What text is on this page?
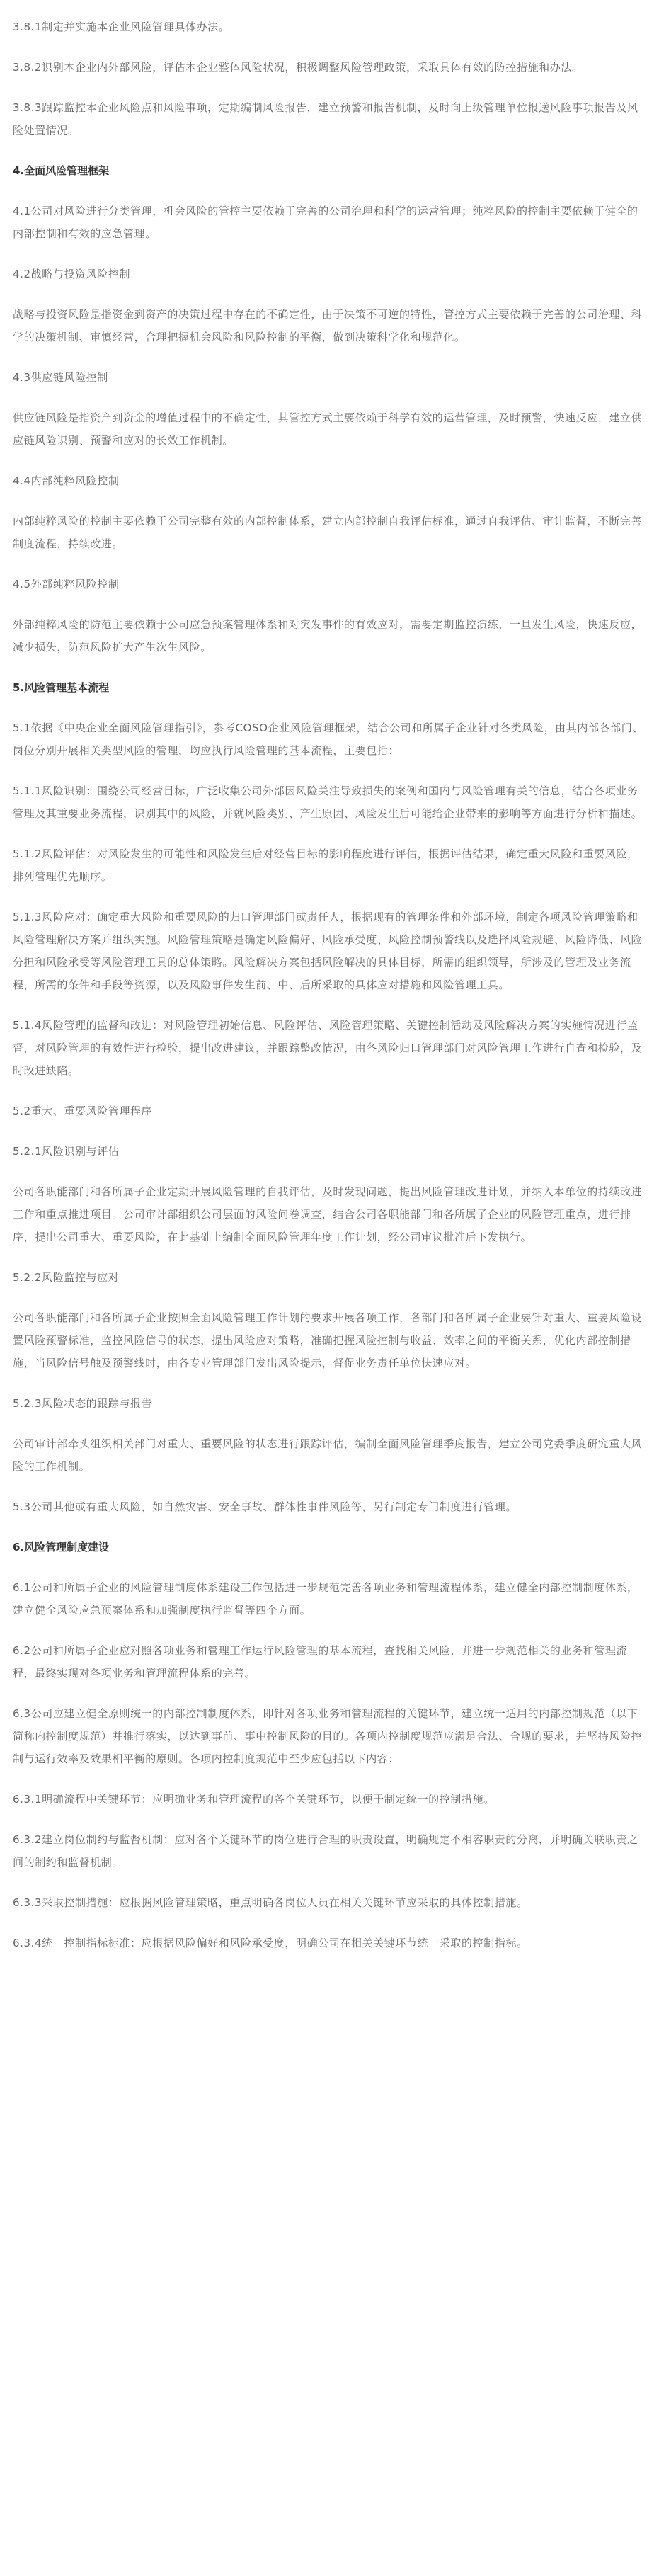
3.8.1制定并实施本企业风险管理具体办法。

3.8.2识别本企业内外部风险，评估本企业整体风险状况，积极调整风险管理政策，采取具体有效的防控措施和办法。

3.8.3跟踪监控本企业风险点和风险事项，定期编制风险报告，建立预警和报告机制，及时向上级管理单位报送风险事项报告及风险处置情况。

4.全面风险管理框架

4.1公司对风险进行分类管理，机会风险的管控主要依赖于完善的公司治理和科学的运营管理；纯粹风险的控制主要依赖于健全的内部控制和有效的应急管理。

4.2战略与投资风险控制

战略与投资风险是指资金到资产的决策过程中存在的不确定性，由于决策不可逆的特性，管控方式主要依赖于完善的公司治理、科学的决策机制、审慎经营，合理把握机会风险和风险控制的平衡，做到决策科学化和规范化。

4.3供应链风险控制

供应链风险是指资产到资金的增值过程中的不确定性，其管控方式主要依赖于科学有效的运营管理，及时预警，快速反应，建立供应链风险识别、预警和应对的长效工作机制。

4.4内部纯粹风险控制

内部纯粹风险的控制主要依赖于公司完整有效的内部控制体系，建立内部控制自我评估标准，通过自我评估、审计监督，不断完善制度流程，持续改进。

4.5外部纯粹风险控制

外部纯粹风险的防范主要依赖于公司应急预案管理体系和对突发事件的有效应对，需要定期监控演练，一旦发生风险，快速反应，减少损失，防范风险扩大产生次生风险。

5.风险管理基本流程

5.1依据《中央企业全面风险管理指引》，参考COSO企业风险管理框架，结合公司和所属子企业针对各类风险，由其内部各部门、岗位分别开展相关类型风险的管理，均应执行风险管理的基本流程，主要包括：

5.1.1风险识别：围绕公司经营目标，广泛收集公司外部因风险关注导致损失的案例和国内与风险管理有关的信息，结合各项业务管理及其重要业务流程，识别其中的风险，并就风险类别、产生原因、风险发生后可能给企业带来的影响等方面进行分析和描述。

5.1.2风险评估：对风险发生的可能性和风险发生后对经营目标的影响程度进行评估，根据评估结果，确定重大风险和重要风险，排列管理优先顺序。

5.1.3风险应对：确定重大风险和重要风险的归口管理部门或责任人，根据现有的管理条件和外部环境，制定各项风险管理策略和风险管理解决方案并组织实施。风险管理策略是确定风险偏好、风险承受度、风险控制预警线以及选择风险规避、风险降低、风险分担和风险承受等风险管理工具的总体策略。风险解决方案包括风险解决的具体目标，所需的组织领导，所涉及的管理及业务流程，所需的条件和手段等资源，以及风险事件发生前、中、后所采取的具体应对措施和风险管理工具。

5.1.4风险管理的监督和改进：对风险管理初始信息、风险评估、风险管理策略、关键控制活动及风险解决方案的实施情况进行监督，对风险管理的有效性进行检验，提出改进建议，并跟踪整改情况，由各风险归口管理部门对风险管理工作进行自查和检验，及时改进缺陷。

5.2重大、重要风险管理程序

5.2.1风险识别与评估

公司各职能部门和各所属子企业定期开展风险管理的自我评估，及时发现问题，提出风险管理改进计划，并纳入本单位的持续改进工作和重点推进项目。公司审计部组织公司层面的风险问卷调查，结合公司各职能部门和各所属子企业的风险管理重点，进行排序，提出公司重大、重要风险，在此基础上编制全面风险管理年度工作计划，经公司审议批准后下发执行。

5.2.2风险监控与应对

公司各职能部门和各所属子企业按照全面风险管理工作计划的要求开展各项工作，各部门和各所属子企业要针对重大、重要风险设置风险预警标准，监控风险信号的状态，提出风险应对策略，准确把握风险控制与收益、效率之间的平衡关系，优化内部控制措施，当风险信号触及预警线时，由各专业管理部门发出风险提示，督促业务责任单位快速应对。

5.2.3风险状态的跟踪与报告

公司审计部牵头组织相关部门对重大、重要风险的状态进行跟踪评估，编制全面风险管理季度报告，建立公司党委季度研究重大风险的工作机制。

5.3公司其他或有重大风险，如自然灾害、安全事故、群体性事件风险等，另行制定专门制度进行管理。

6.风险管理制度建设

6.1公司和所属子企业的风险管理制度体系建设工作包括进一步规范完善各项业务和管理流程体系，建立健全内部控制制度体系，建立健全风险应急预案体系和加强制度执行监督等四个方面。

6.2公司和所属子企业应对照各项业务和管理工作运行风险管理的基本流程，查找相关风险，并进一步规范相关的业务和管理流程，最终实现对各项业务和管理流程体系的完善。

6.3公司应建立健全原则统一的内部控制制度体系，即针对各项业务和管理流程的关键环节，建立统一适用的内部控制规范（以下简称内控制度规范）并推行落实，以达到事前、事中控制风险的目的。各项内控制度规范应满足合法、合规的要求，并坚持风险控制与运行效率及效果相平衡的原则。各项内控制度规范中至少应包括以下内容：

6.3.1明确流程中关键环节：应明确业务和管理流程的各个关键环节，以便于制定统一的控制措施。

6.3.2建立岗位制约与监督机制：应对各个关键环节的岗位进行合理的职责设置，明确规定不相容职责的分离，并明确关联职责之间的制约和监督机制。

6.3.3采取控制措施：应根据风险管理策略，重点明确各岗位人员在相关关键环节应采取的具体控制措施。

6.3.4统一控制指标标准：应根据风险偏好和风险承受度，明确公司在相关关键环节统一采取的控制指标。
